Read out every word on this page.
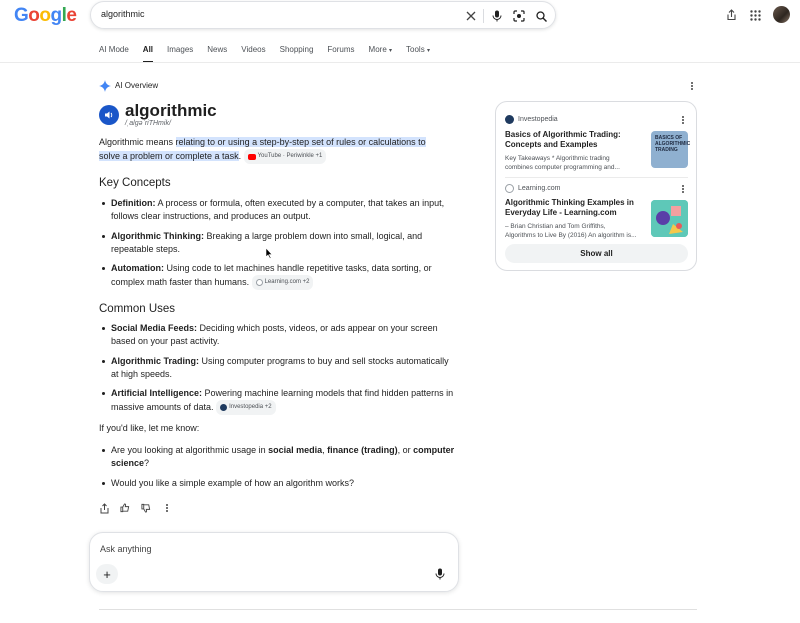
Google	algorithmic
AI Mode All Images News Videos Shopping Forums More ▾ Tools ▾
AI Overview
algorithmic
/ˌalɡəˈriTHmik/
Algorithmic means relating to or using a step-by-step set of rules or calculations to
solve a problem or complete a task.	YouTube · Periwinkle +1
Key Concepts
Definition: A process or formula, often executed by a computer, that takes an input,
follows clear instructions, and produces an output.
Algorithmic Thinking: Breaking a large problem down into small, logical, and
repeatable steps.
Automation: Using code to let machines handle repetitive tasks, data sorting, or
complex math faster than humans.	Learning.com +2
Common Uses
Social Media Feeds: Deciding which posts, videos, or ads appear on your screen
based on your past activity.
Algorithmic Trading: Using computer programs to buy and sell stocks automatically
at high speeds.
Artificial Intelligence: Powering machine learning models that find hidden patterns in
massive amounts of data.	Investopedia +2
If you'd like, let me know:
Are you looking at algorithmic usage in social media, finance (trading), or computer
science?
Would you like a simple example of how an algorithm works?
Ask anything
+
Investopedia
Basics of Algorithmic Trading:
Concepts and Examples
Key Takeaways * Algorithmic trading
combines computer programming and...
BASICS OF ALGORITHMIC TRADING
Learning.com
Algorithmic Thinking Examples in
Everyday Life - Learning.com
– Brian Christian and Tom Griffiths,
Algorithms to Live By (2016) An algorithm is...
Show all
